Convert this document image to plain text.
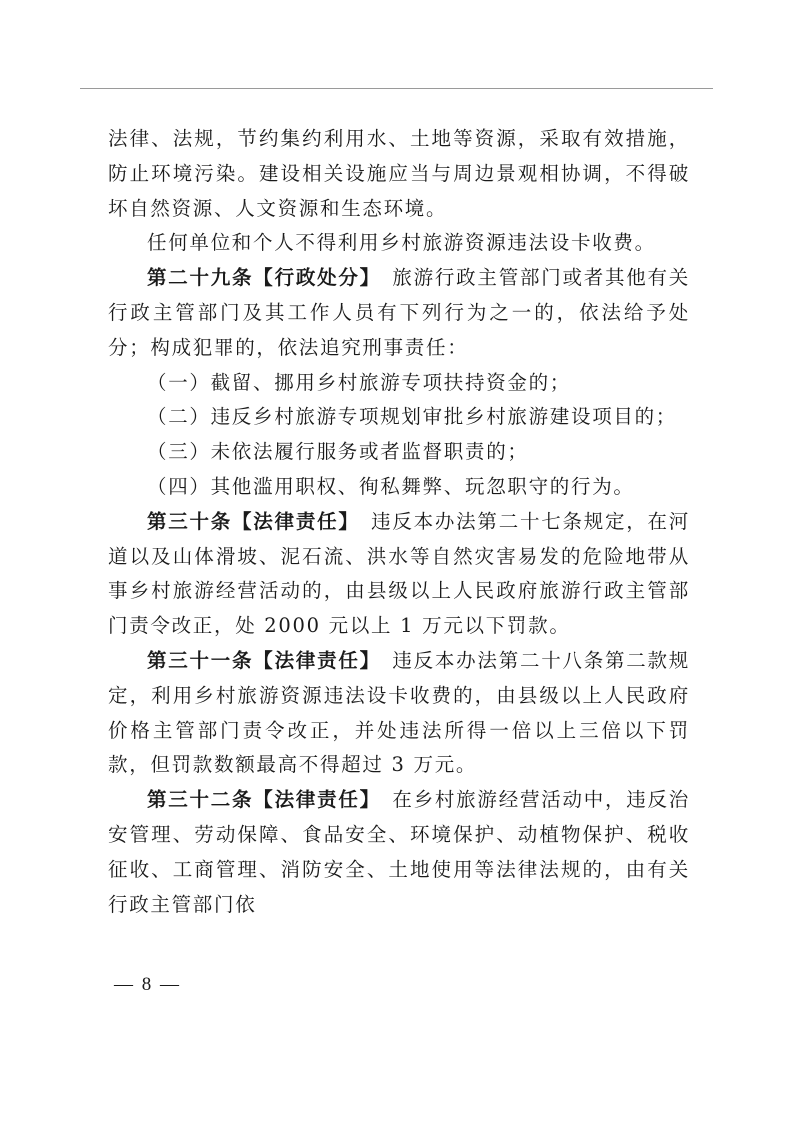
法律、法规，节约集约利用水、土地等资源，采取有效措施，防止环境污染。建设相关设施应当与周边景观相协调，不得破坏自然资源、人文资源和生态环境。

任何单位和个人不得利用乡村旅游资源违法设卡收费。

第二十九条【行政处分】　 旅游行政主管部门或者其他有关行政主管部门及其工作人员有下列行为之一的，依法给予处分；构成犯罪的，依法追究刑事责任：

（一）截留、挪用乡村旅游专项扶持资金的；

（二）违反乡村旅游专项规划审批乡村旅游建设项目的；

（三）未依法履行服务或者监督职责的；

（四）其他滥用职权、徇私舞弊、玩忽职守的行为。

第三十条【法律责任】　 违反本办法第二十七条规定，在河道以及山体滑坡、泥石流、洪水等自然灾害易发的危险地带从事乡村旅游经营活动的，由县级以上人民政府旅游行政主管部门责令改正，处 2000 元以上 1 万元以下罚款。

第三十一条【法律责任】　 违反本办法第二十八条第二款规定，利用乡村旅游资源违法设卡收费的，由县级以上人民政府价格主管部门责令改正，并处违法所得一倍以上三倍以下罚款，但罚款数额最高不得超过 3 万元。

第三十二条【法律责任】　 在乡村旅游经营活动中，违反治安管理、劳动保障、食品安全、环境保护、动植物保护、税收征收、工商管理、消防安全、土地使用等法律法规的，由有关行政主管部门依

— 8 —
